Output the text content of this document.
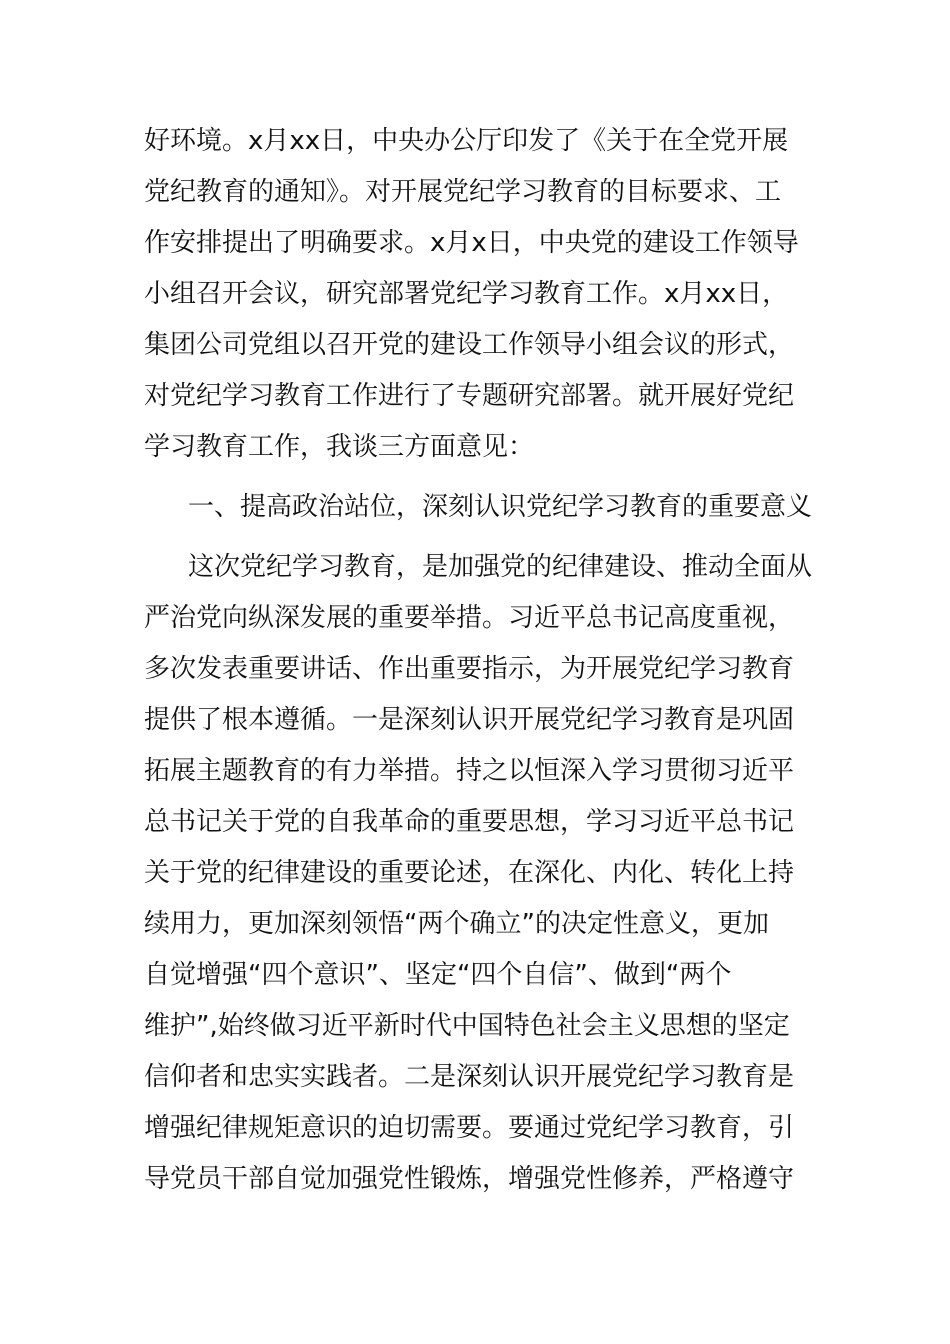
好环境。x月xx日，中央办公厅印发了《关于在全党开展
党纪教育的通知》。对开展党纪学习教育的目标要求、工
作安排提出了明确要求。x月x日，中央党的建设工作领导
小组召开会议，研究部署党纪学习教育工作。x月xx日，
集团公司党组以召开党的建设工作领导小组会议的形式，
对党纪学习教育工作进行了专题研究部署。就开展好党纪
学习教育工作，我谈三方面意见：
一、提高政治站位，深刻认识党纪学习教育的重要意义
这次党纪学习教育，是加强党的纪律建设、推动全面从
严治党向纵深发展的重要举措。习近平总书记高度重视，
多次发表重要讲话、作出重要指示，为开展党纪学习教育
提供了根本遵循。一是深刻认识开展党纪学习教育是巩固
拓展主题教育的有力举措。持之以恒深入学习贯彻习近平
总书记关于党的自我革命的重要思想，学习习近平总书记
关于党的纪律建设的重要论述，在深化、内化、转化上持
续用力，更加深刻领悟“两个确立”的决定性意义，更加
自觉增强“四个意识”、坚定“四个自信”、做到“两个
维护”,始终做习近平新时代中国特色社会主义思想的坚定
信仰者和忠实实践者。二是深刻认识开展党纪学习教育是
增强纪律规矩意识的迫切需要。要通过党纪学习教育，引
导党员干部自觉加强党性锻炼，增强党性修养，严格遵守
